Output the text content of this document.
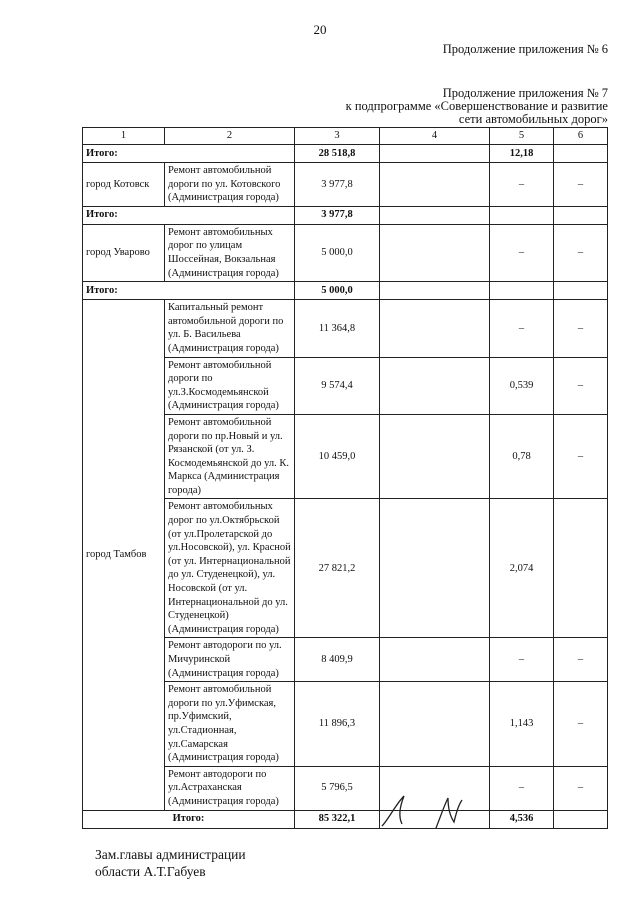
20
Продолжение приложения № 6
Продолжение приложения № 7
к подпрограмме «Совершенствование и развитие
сети автомобильных дорог»
1	2	3	4	5	6
Итого:		28 518,8		12,18	
город Котовск	Ремонт автомобильной дороги по ул. Котовского (Администрация города)	3 977,8		–	–
Итого:		3 977,8			
город Уварово	Ремонт автомобильных дорог по улицам Шоссейная, Вокзальная (Администрация города)	5 000,0		–	–
Итого:		5 000,0			
город Тамбов	Капитальный ремонт автомобильной дороги по ул. Б. Васильева (Администрация города)	11 364,8		–	–
	Ремонт автомобильной дороги по ул.З.Космодемьянской (Администрация города)	9 574,4		0,539	–
	Ремонт автомобильной дороги по пр.Новый и ул. Рязанской (от ул. З. Космодемьянской до ул. К. Маркса (Администрация города)	10 459,0		0,78	–
	Ремонт автомобильных дорог по ул.Октябрьской (от ул.Пролетарской до ул.Носовской), ул. Красной (от ул. Интернациональной до ул. Студенецкой), ул. Носовской (от ул. Интернациональной до ул. Студенецкой) (Администрация города)	27 821,2		2,074	
	Ремонт автодороги по ул. Мичуринской (Администрация города)	8 409,9		–	–
	Ремонт автомобильной дороги по ул.Уфимская, пр.Уфимский, ул.Стадионная, ул.Самарская (Администрация города)	11 896,3		1,143	–
	Ремонт автодороги по ул.Астраханская (Администрация города)	5 796,5		–	–
Итого:		85 322,1		4,536	
Зам.главы администрации
области А.Т.Габуев
